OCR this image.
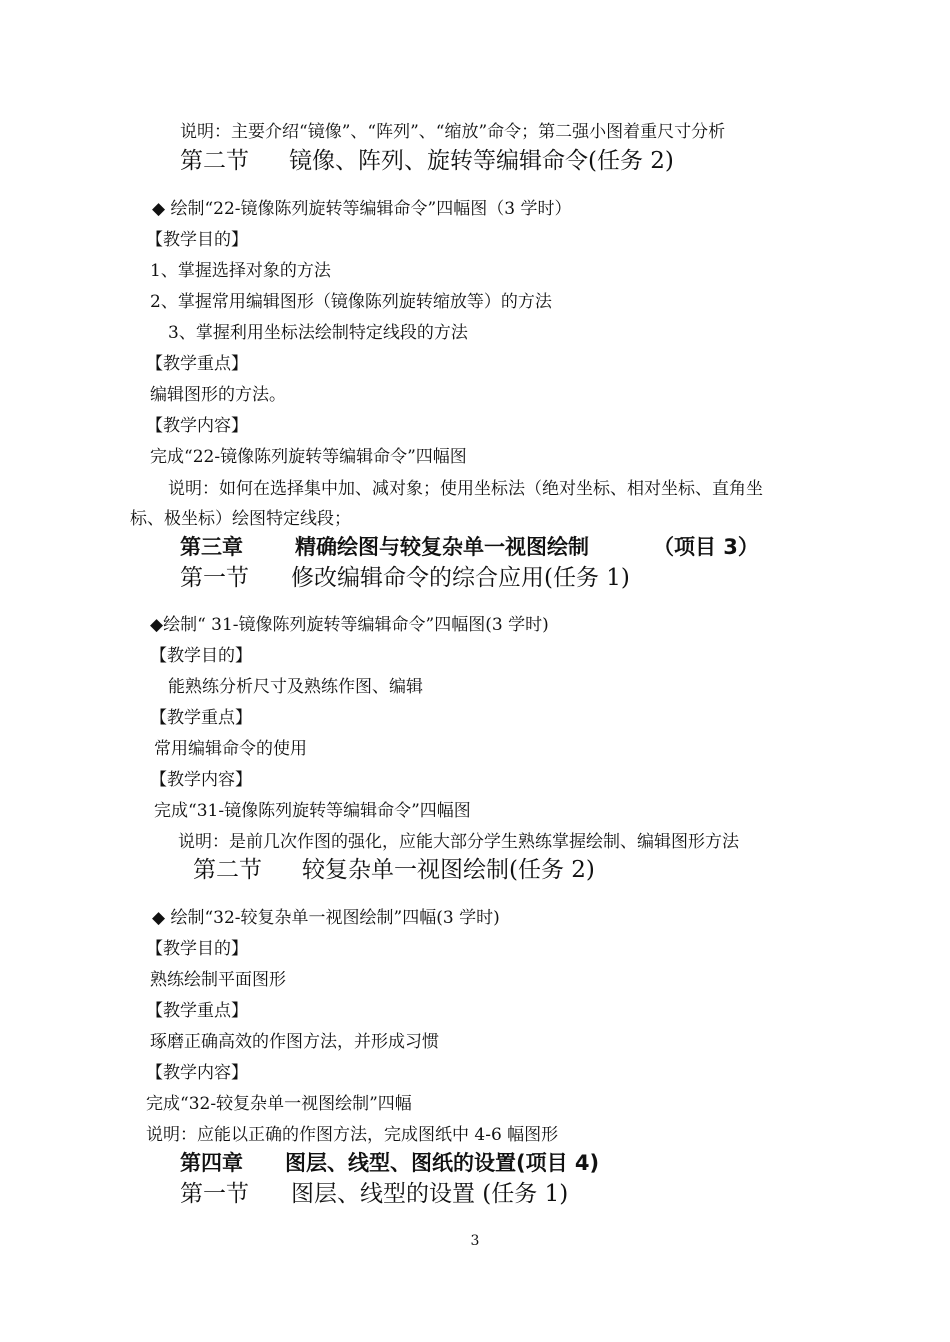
说明：主要介绍“镜像”、“阵列”、“缩放”命令；第二强小图着重尺寸分析
第二节 镜像、阵列、旋转等编辑命令(任务 2)
◆ 绘制“22-镜像陈列旋转等编辑命令”四幅图（3 学时）
【教学目的】
1、掌握选择对象的方法
2、掌握常用编辑图形（镜像陈列旋转缩放等）的方法
3、掌握利用坐标法绘制特定线段的方法
【教学重点】
编辑图形的方法。
【教学内容】
完成“22-镜像陈列旋转等编辑命令”四幅图
说明：如何在选择集中加、减对象；使用坐标法（绝对坐标、相对坐标、直角坐
标、极坐标）绘图特定线段；
第三章 精确绘图与较复杂单一视图绘制	（项目 3）
第一节 修改编辑命令的综合应用(任务 1)
◆绘制“ 31-镜像陈列旋转等编辑命令”四幅图(3 学时)
【教学目的】
能熟练分析尺寸及熟练作图、编辑
【教学重点】
常用编辑命令的使用
【教学内容】
完成“31-镜像陈列旋转等编辑命令”四幅图
说明：是前几次作图的强化，应能大部分学生熟练掌握绘制、编辑图形方法
第二节 较复杂单一视图绘制(任务 2)
◆ 绘制“32-较复杂单一视图绘制”四幅(3 学时)
【教学目的】
熟练绘制平面图形
【教学重点】
琢磨正确高效的作图方法，并形成习惯
【教学内容】
完成“32-较复杂单一视图绘制”四幅
说明：应能以正确的作图方法，完成图纸中 4-6 幅图形
第四章 图层、线型、图纸的设置(项目 4)
第一节 图层、线型的设置 (任务 1)
3
